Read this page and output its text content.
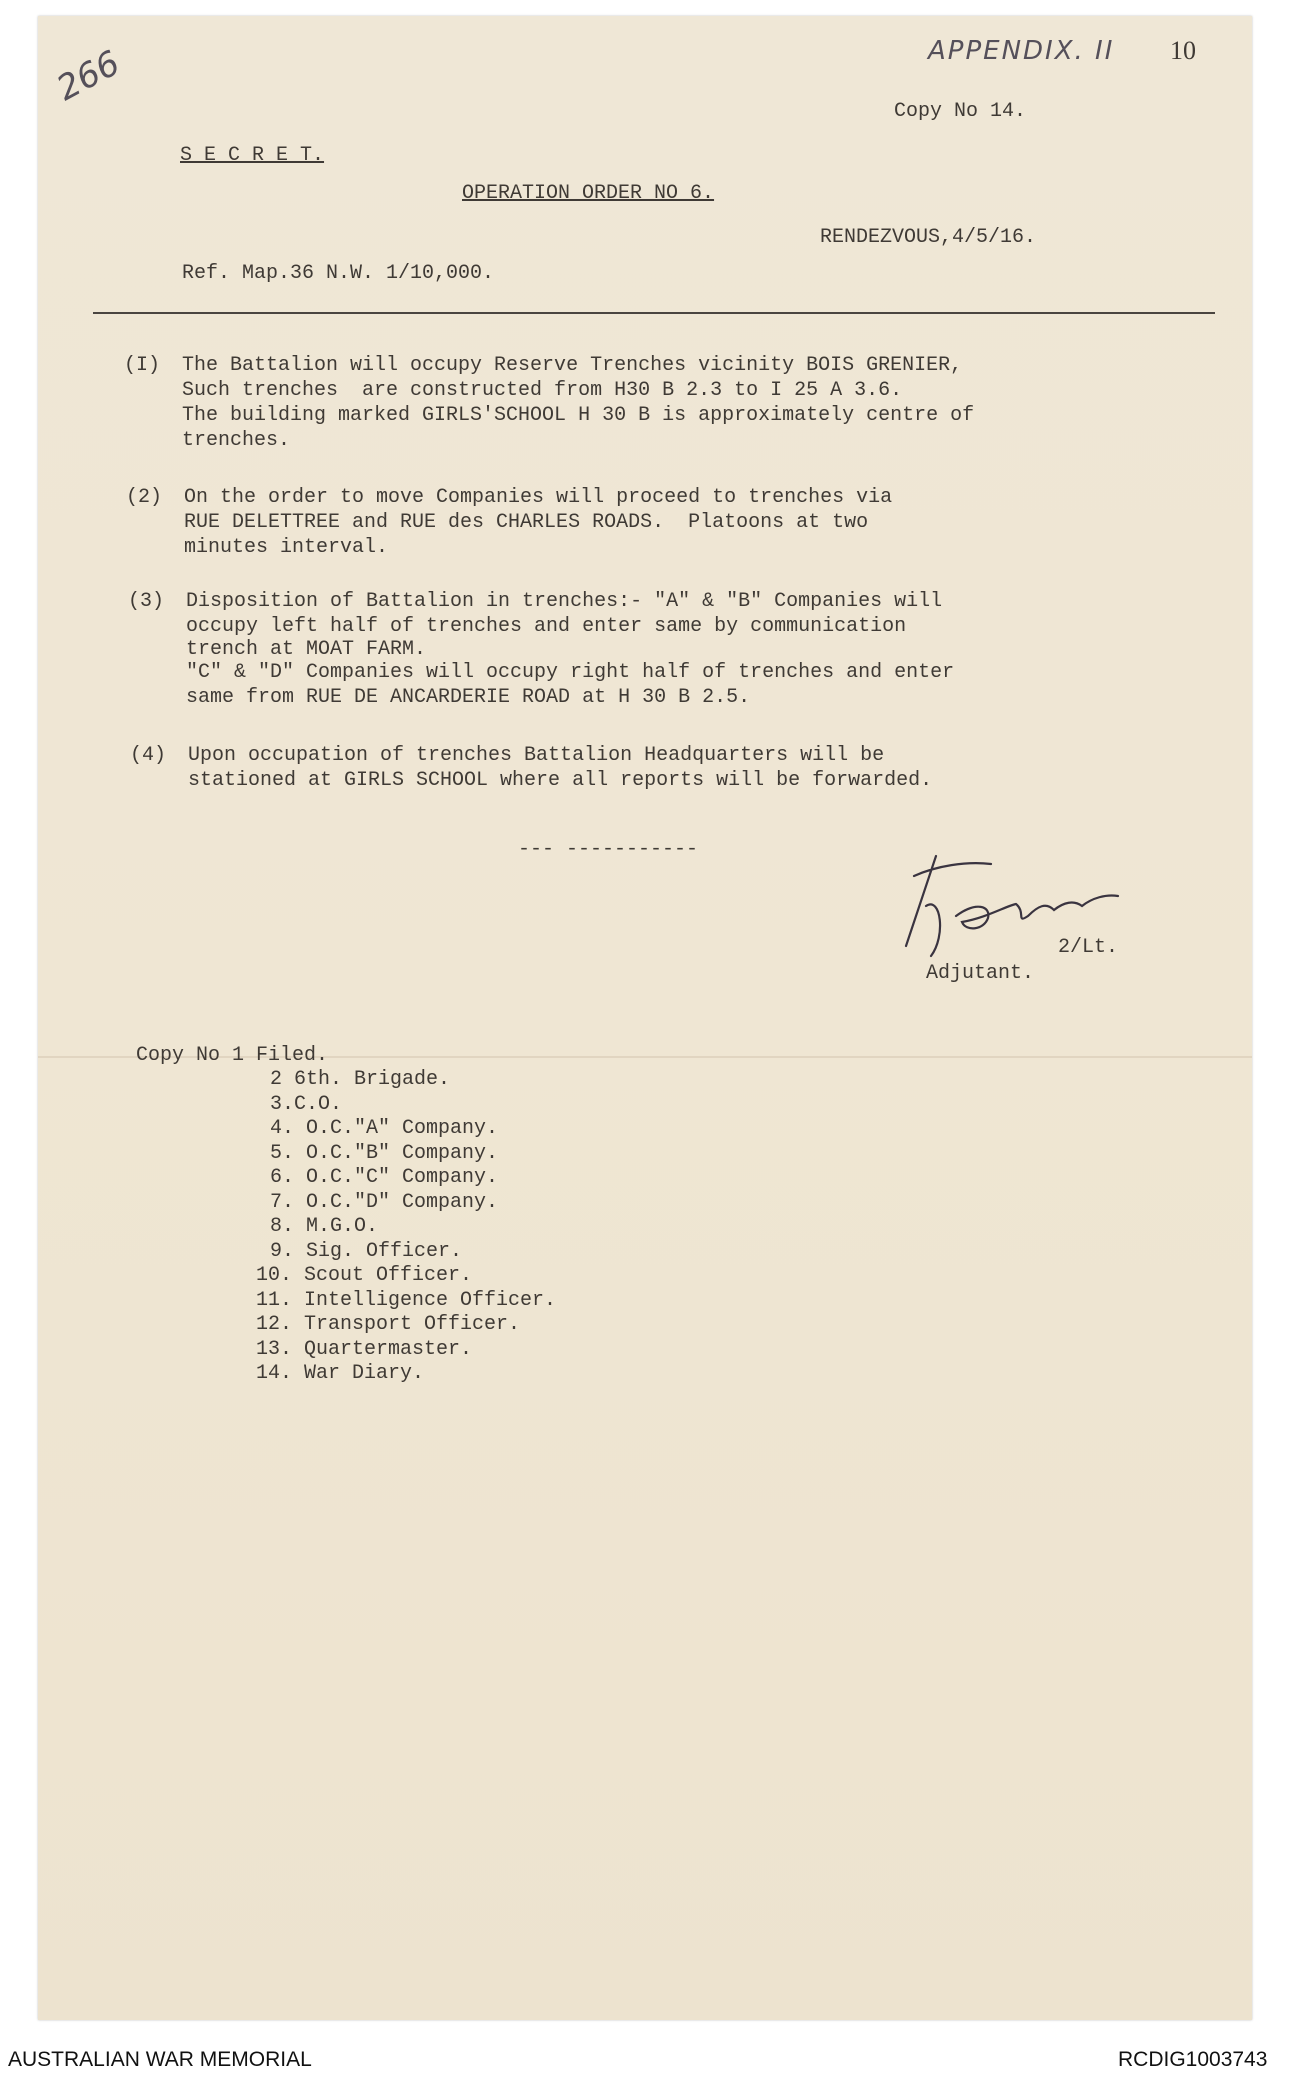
266	APPENDIX. II 10
Copy No 14.
S E C R E T.
OPERATION ORDER NO 6.
RENDEZVOUS,4/5/16.
Ref. Map.36 N.W. 1/10,000.
(I) The Battalion will occupy Reserve Trenches vicinity BOIS GRENIER,
Such trenches  are constructed from H30 B 2.3 to I 25 A 3.6.
The building marked GIRLS'SCHOOL H 30 B is approximately centre of
trenches.
(2) On the order to move Companies will proceed to trenches via
RUE DELETTREE and RUE des CHARLES ROADS.  Platoons at two
minutes interval.
(3) Disposition of Battalion in trenches:- "A" & "B" Companies will
occupy left half of trenches and enter same by communication
trench at MOAT FARM.
"C" & "D" Companies will occupy right half of trenches and enter
same from RUE DE ANCARDERIE ROAD at H 30 B 2.5.
(4) Upon occupation of trenches Battalion Headquarters will be
stationed at GIRLS SCHOOL where all reports will be forwarded.
--- -----------
2/Lt.
Adjutant.
Copy No 1 Filed.
2 6th. Brigade.
3.C.O.
4. O.C."A" Company.
5. O.C."B" Company.
6. O.C."C" Company.
7. O.C."D" Company.
8. M.G.O.
9. Sig. Officer.
10. Scout Officer.
11. Intelligence Officer.
12. Transport Officer.
13. Quartermaster.
14. War Diary.
AUSTRALIAN WAR MEMORIAL	RCDIG1003743
